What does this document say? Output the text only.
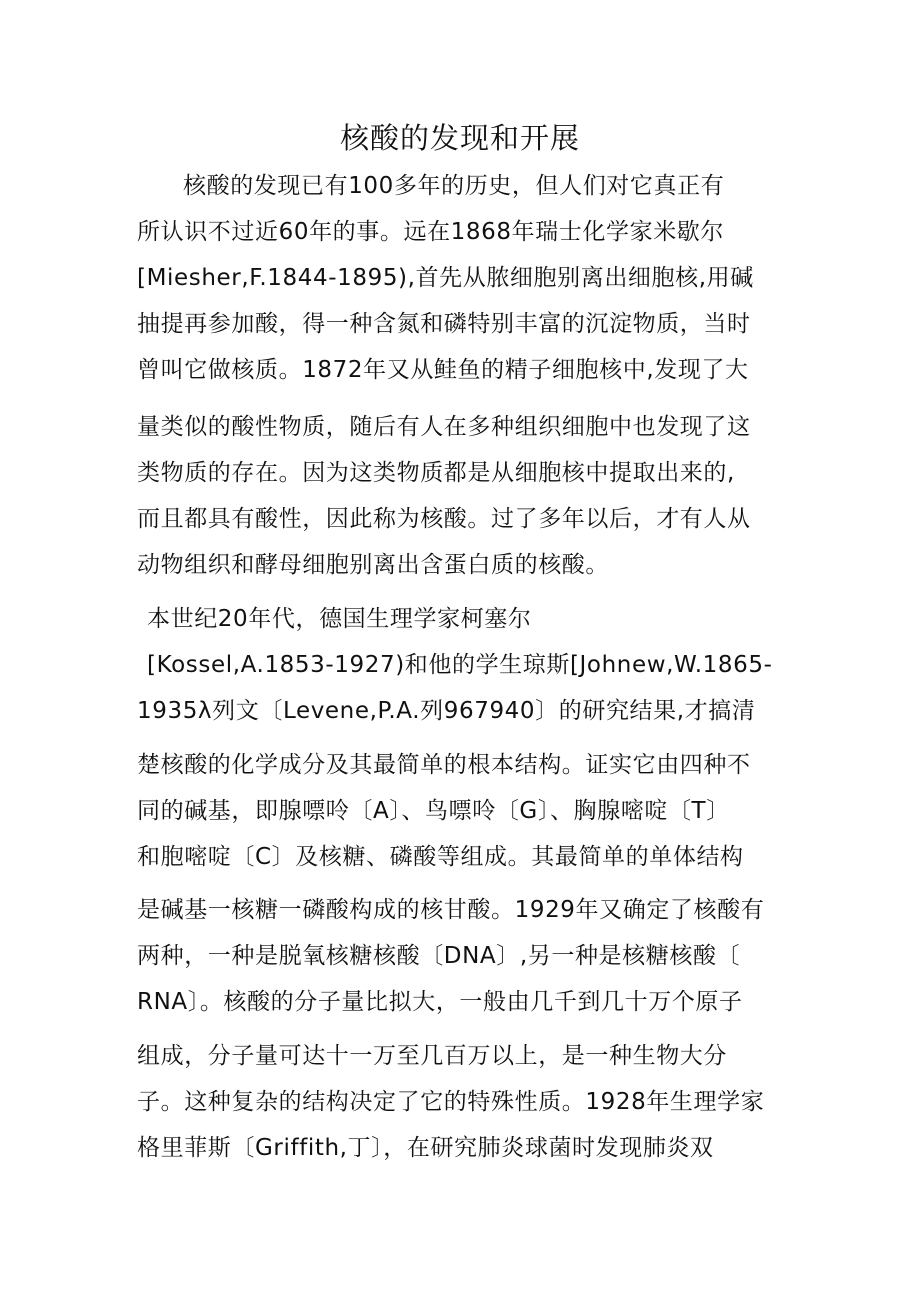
核酸的发现和开展

核酸的发现已有100多年的历史，但人们对它真正有

所认识不过近60年的事。远在1868年瑞士化学家米歇尔

[Miesher,F.1844-1895),首先从脓细胞别离出细胞核,用碱

抽提再参加酸，得一种含氮和磷特别丰富的沉淀物质，当时

曾叫它做核质。1872年又从鲑鱼的精子细胞核中,发现了大

量类似的酸性物质，随后有人在多种组织细胞中也发现了这

类物质的存在。因为这类物质都是从细胞核中提取出来的,

而且都具有酸性，因此称为核酸。过了多年以后，才有人从

动物组织和酵母细胞别离出含蛋白质的核酸。

本世纪20年代，德国生理学家柯塞尔

[Kossel,A.1853-1927)和他的学生琼斯[Johnew,W.1865-

1935λ列文〔Levene,P.A.列967940〕的研究结果,才搞清

楚核酸的化学成分及其最简单的根本结构。证实它由四种不

同的碱基，即腺嘌呤〔A〕、鸟嘌呤〔G〕、胸腺嘧啶〔T〕

和胞嘧啶〔C〕及核糖、磷酸等组成。其最简单的单体结构

是碱基一核糖一磷酸构成的核甘酸。1929年又确定了核酸有

两种，一种是脱氧核糖核酸〔DNA〕,另一种是核糖核酸〔

RNA〕。核酸的分子量比拟大，一般由几千到几十万个原子

组成，分子量可达十一万至几百万以上，是一种生物大分

子。这种复杂的结构决定了它的特殊性质。1928年生理学家

格里菲斯〔Griffith,丁〕，在研究肺炎球菌时发现肺炎双
